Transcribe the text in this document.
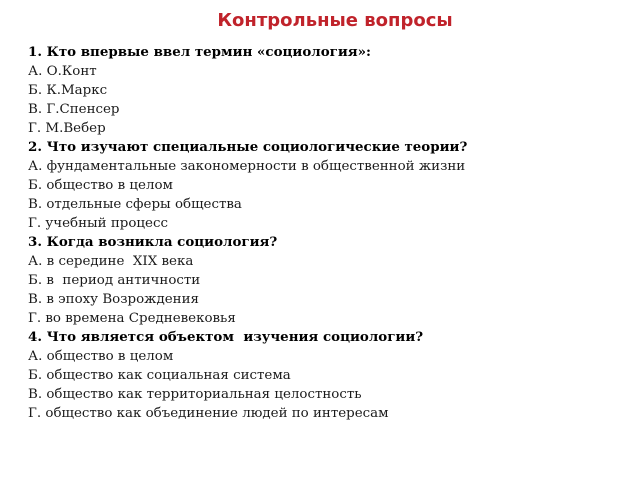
Контрольные вопросы
1. Кто впервые ввел термин «социология»:
А. О.Конт
Б. К.Маркс
В. Г.Спенсер
Г. М.Вебер
2. Что изучают специальные социологические теории?
А. фундаментальные закономерности в общественной жизни
Б. общество в целом
В. отдельные сферы общества
Г. учебный процесс
3. Когда возникла социология?
А. в середине  XIX века
Б. в  период античности
В. в эпоху Возрождения
Г. во времена Средневековья
4. Что является объектом  изучения социологии?
А. общество в целом
Б. общество как социальная система
В. общество как территориальная целостность
Г. общество как объединение людей по интересам
